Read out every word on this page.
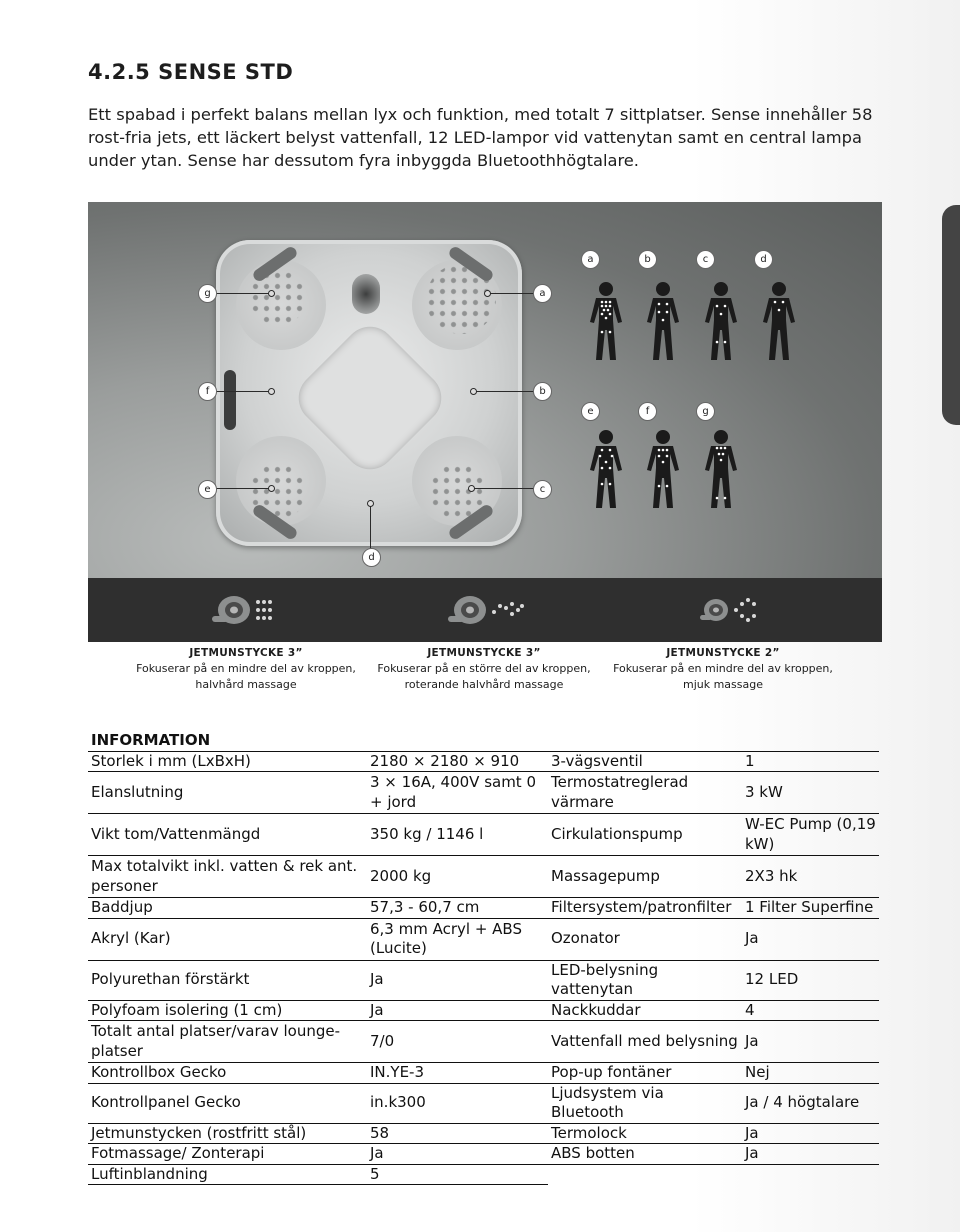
4.2.5 SENSE STD

Ett spabad i perfekt balans mellan lyx och funktion, med totalt 7 sittplatser. Sense innehåller 58 rost-fria jets, ett läckert belyst vattenfall, 12 LED-lampor vid vattenytan samt en central lampa under ytan. Sense har dessutom fyra inbyggda Bluetoothhögtalare.

g	a
f	b
e	c
d
a	b	c	d
e	f	g
JETMUNSTYCKE 3”
Fokuserar på en mindre del av kroppen,
halvhård massage
JETMUNSTYCKE 3”
Fokuserar på en större del av kroppen,
roterande halvhård massage
JETMUNSTYCKE 2”
Fokuserar på en mindre del av kroppen,
mjuk massage
INFORMATION			
Storlek i mm (LxBxH)	2180 × 2180 × 910	3-vägsventil	1
Elanslutning	3 × 16A, 400V samt 0 + jord	Termostatreglerad värmare	3 kW
Vikt tom/Vattenmängd	350 kg / 1146 l	Cirkulationspump	W-EC Pump (0,19 kW)
Max totalvikt inkl. vatten & rek ant. personer	2000 kg	Massagepump	2X3 hk
Baddjup	57,3 - 60,7 cm	Filtersystem/patronfilter	1 Filter Superfine
Akryl (Kar)	6,3 mm Acryl + ABS (Lucite)	Ozonator	Ja
Polyurethan förstärkt	Ja	LED-belysning vattenytan	12 LED
Polyfoam isolering (1 cm)	Ja	Nackkuddar	4
Totalt antal platser/varav lounge-platser	7/0	Vattenfall med belysning	Ja
Kontrollbox Gecko	IN.YE-3	Pop-up fontäner	Nej
Kontrollpanel Gecko	in.k300	Ljudsystem via Bluetooth	Ja / 4 högtalare
Jetmunstycken (rostfritt stål)	58	Termolock	Ja
Fotmassage/ Zonterapi	Ja	ABS botten	Ja
Luftinblandning	5		
